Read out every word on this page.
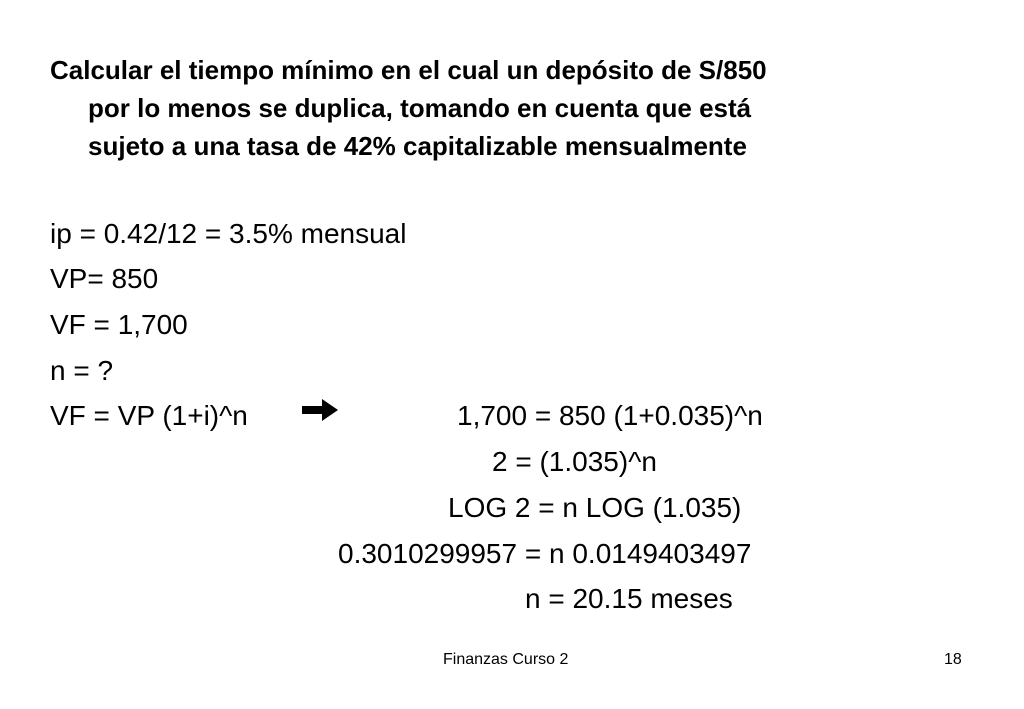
Calcular el tiempo mínimo en el cual un depósito de S/850
por lo menos se duplica, tomando en cuenta que está
sujeto a una tasa de 42% capitalizable mensualmente
ip = 0.42/12 = 3.5% mensual
VP= 850
VF = 1,700
n = ?
VF = VP (1+i)^n	1,700 = 850 (1+0.035)^n
2 = (1.035)^n
LOG 2 = n LOG (1.035)
0.3010299957 = n 0.0149403497
n = 20.15 meses
Finanzas Curso 2	18
